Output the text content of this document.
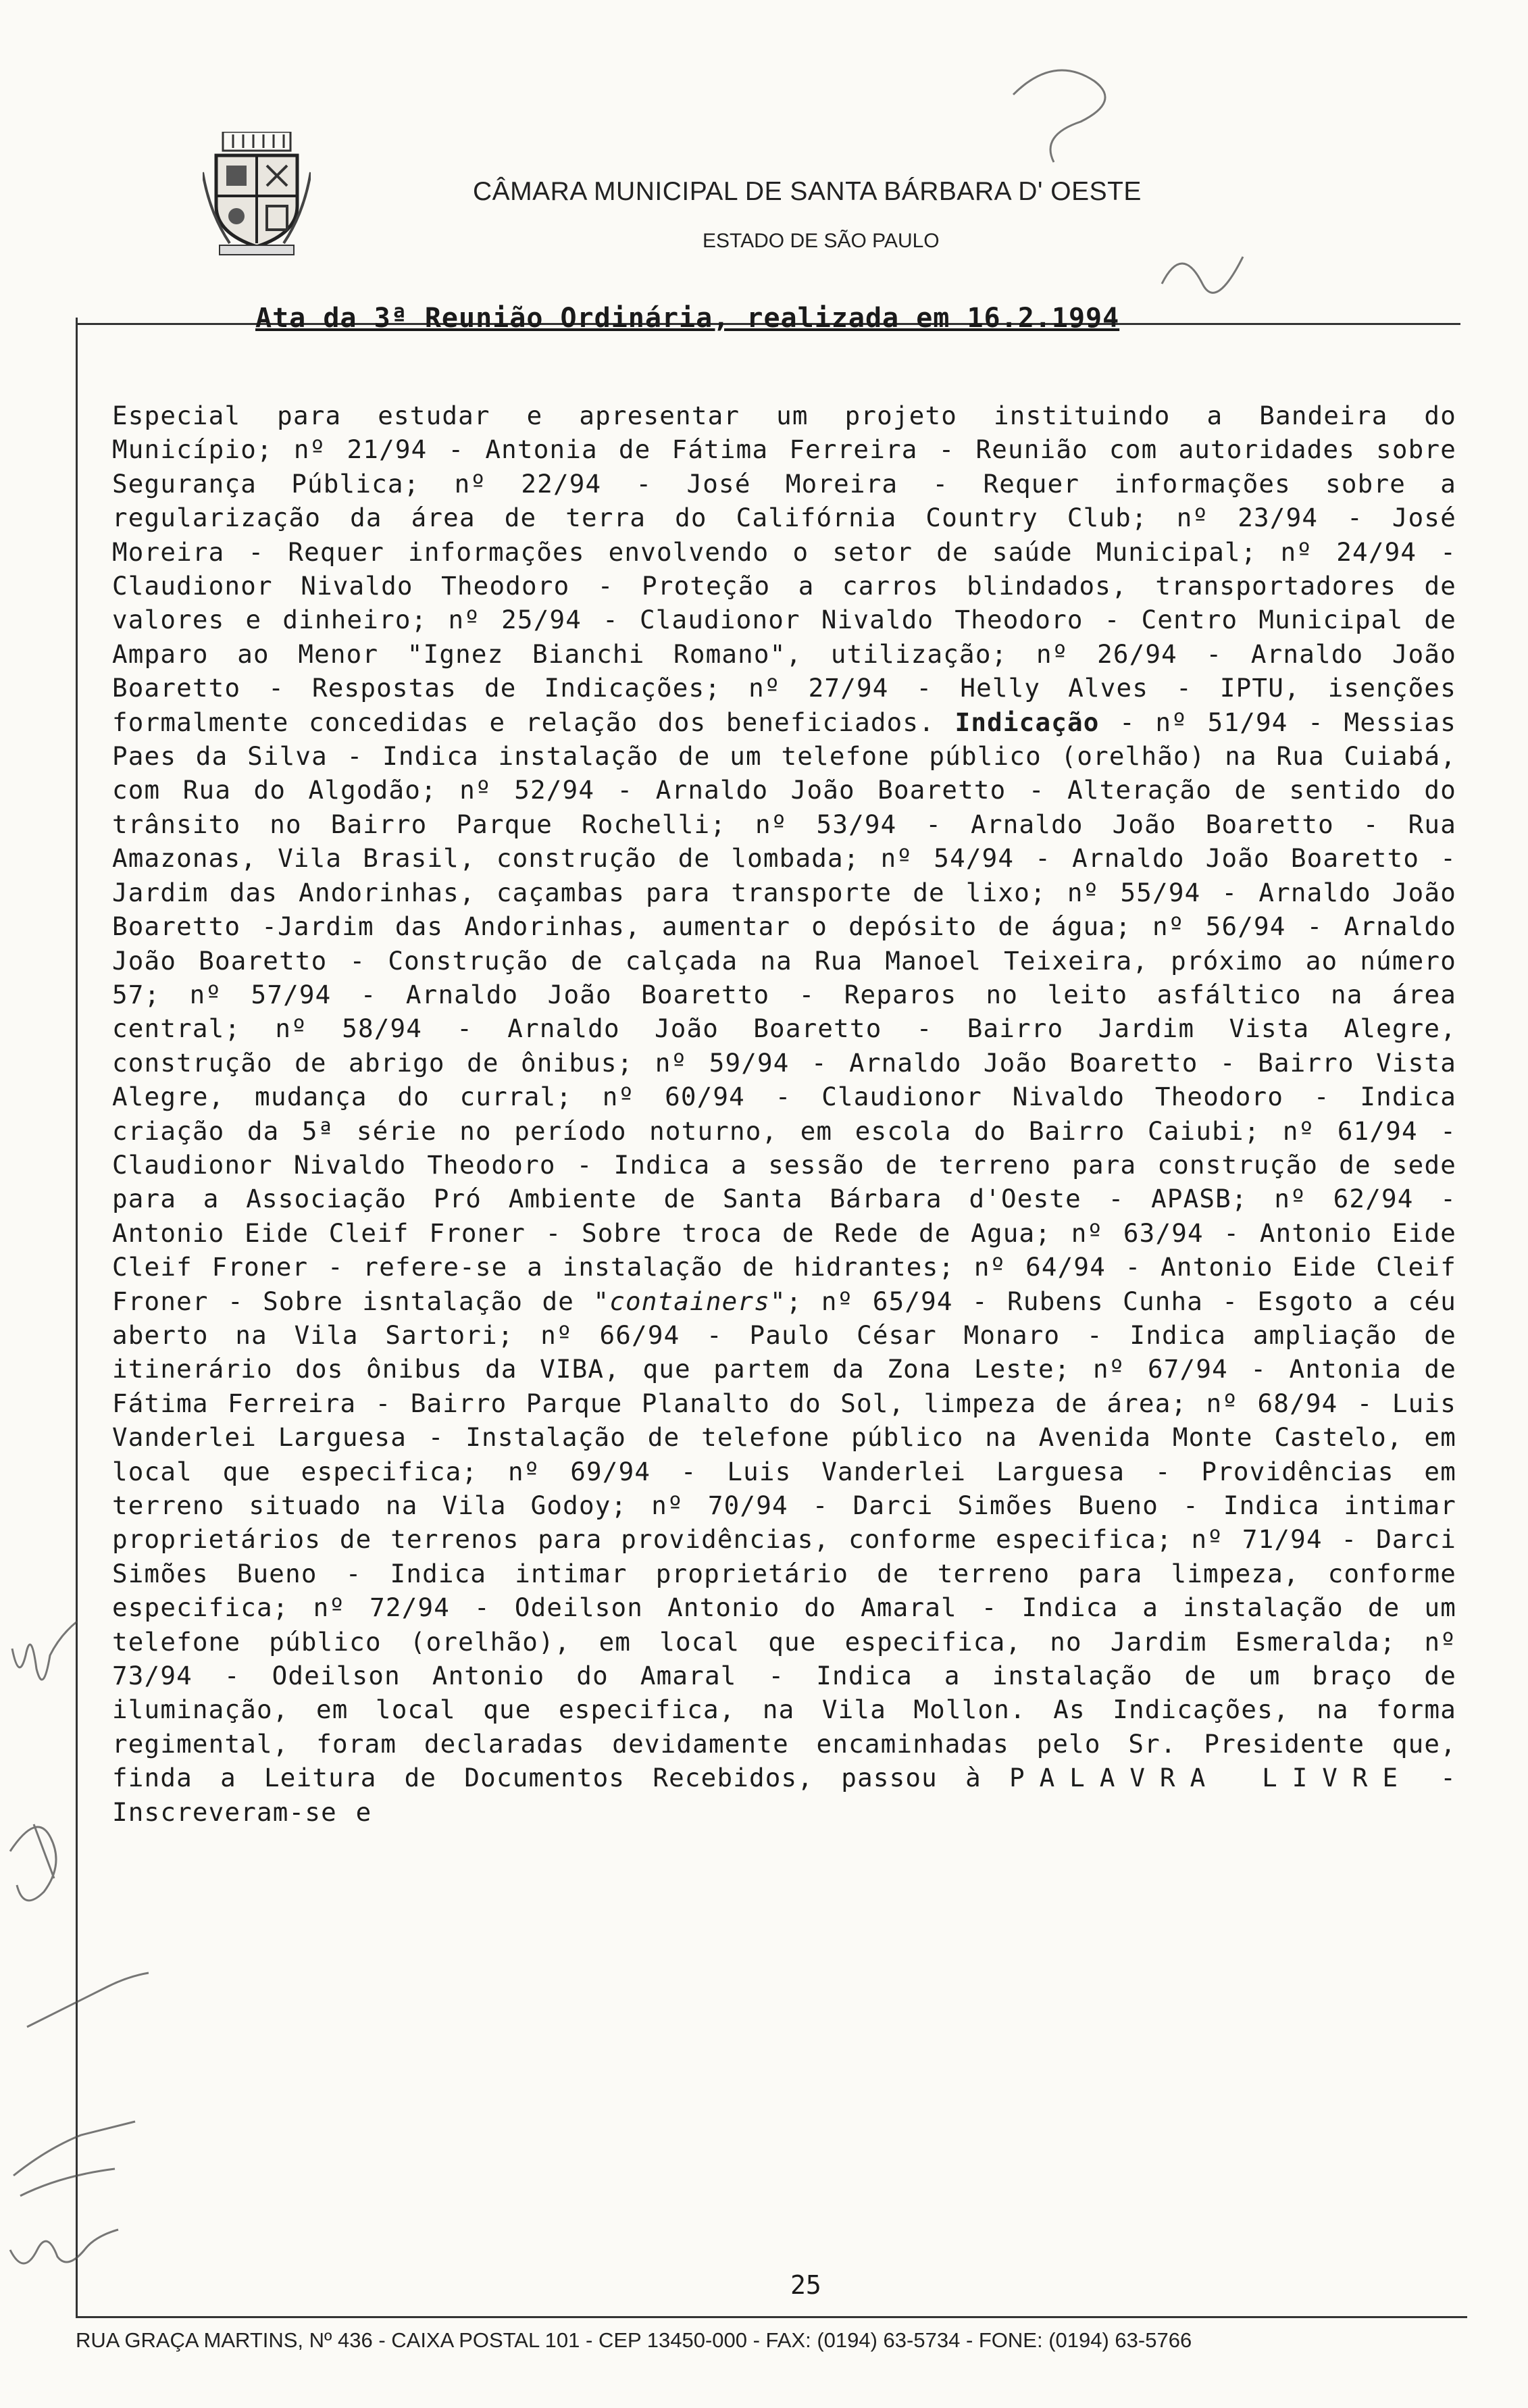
CÂMARA MUNICIPAL DE SANTA BÁRBARA D' OESTE
ESTADO DE SÃO PAULO
Ata da 3ª Reunião Ordinária, realizada em 16.2.1994
Especial para estudar e apresentar um projeto instituindo a Bandeira do Município; nº 21/94 - Antonia de Fátima Ferreira - Reunião com autoridades sobre Segurança Pública; nº 22/94 - José Moreira - Requer informações sobre a regularização da área de terra do Califórnia Country Club; nº 23/94 - José Moreira - Requer informações envolvendo o setor de saúde Municipal; nº 24/94 - Claudionor Nivaldo Theodoro - Proteção a carros blindados, transportadores de valores e dinheiro; nº 25/94 - Claudionor Nivaldo Theodoro - Centro Municipal de Amparo ao Menor "Ignez Bianchi Romano", utilização; nº 26/94 - Arnaldo João Boaretto - Respostas de Indicações; nº 27/94 - Helly Alves - IPTU, isenções formalmente concedidas e relação dos beneficiados. Indicação - nº 51/94 - Messias Paes da Silva - Indica instalação de um telefone público (orelhão) na Rua Cuiabá, com Rua do Algodão; nº 52/94 - Arnaldo João Boaretto - Alteração de sentido do trânsito no Bairro Parque Rochelli; nº 53/94 - Arnaldo João Boaretto - Rua Amazonas, Vila Brasil, construção de lombada; nº 54/94 - Arnaldo João Boaretto - Jardim das Andorinhas, caçambas para transporte de lixo; nº 55/94 - Arnaldo João Boaretto -Jardim das Andorinhas, aumentar o depósito de água; nº 56/94 - Arnaldo João Boaretto - Construção de calçada na Rua Manoel Teixeira, próximo ao número 57; nº 57/94 - Arnaldo João Boaretto - Reparos no leito asfáltico na área central; nº 58/94 - Arnaldo João Boaretto - Bairro Jardim Vista Alegre, construção de abrigo de ônibus; nº 59/94 - Arnaldo João Boaretto - Bairro Vista Alegre, mudança do curral; nº 60/94 - Claudionor Nivaldo Theodoro - Indica criação da 5ª série no período noturno, em escola do Bairro Caiubi; nº 61/94 - Claudionor Nivaldo Theodoro - Indica a sessão de terreno para construção de sede para a Associação Pró Ambiente de Santa Bárbara d'Oeste - APASB; nº 62/94 - Antonio Eide Cleif Froner - Sobre troca de Rede de Agua; nº 63/94 - Antonio Eide Cleif Froner - refere-se a instalação de hidrantes; nº 64/94 - Antonio Eide Cleif Froner - Sobre isntalação de "containers"; nº 65/94 - Rubens Cunha - Esgoto a céu aberto na Vila Sartori; nº 66/94 - Paulo César Monaro - Indica ampliação de itinerário dos ônibus da VIBA, que partem da Zona Leste; nº 67/94 - Antonia de Fátima Ferreira - Bairro Parque Planalto do Sol, limpeza de área; nº 68/94 - Luis Vanderlei Larguesa - Instalação de telefone público na Avenida Monte Castelo, em local que especifica; nº 69/94 - Luis Vanderlei Larguesa - Providências em terreno situado na Vila Godoy; nº 70/94 - Darci Simões Bueno - Indica intimar proprietários de terrenos para providências, conforme especifica; nº 71/94 - Darci Simões Bueno - Indica intimar proprietário de terreno para limpeza, conforme especifica; nº 72/94 - Odeilson Antonio do Amaral - Indica a instalação de um telefone público (orelhão), em local que especifica, no Jardim Esmeralda; nº 73/94 - Odeilson Antonio do Amaral - Indica a instalação de um braço de iluminação, em local que especifica, na Vila Mollon. As Indicações, na forma regimental, foram declaradas devidamente encaminhadas pelo Sr. Presidente que, finda a Leitura de Documentos Recebidos, passou à PALAVRA LIVRE - Inscreveram-se e
25
RUA GRAÇA MARTINS, Nº 436 - CAIXA POSTAL 101 - CEP 13450-000 - FAX: (0194) 63-5734 - FONE: (0194) 63-5766
